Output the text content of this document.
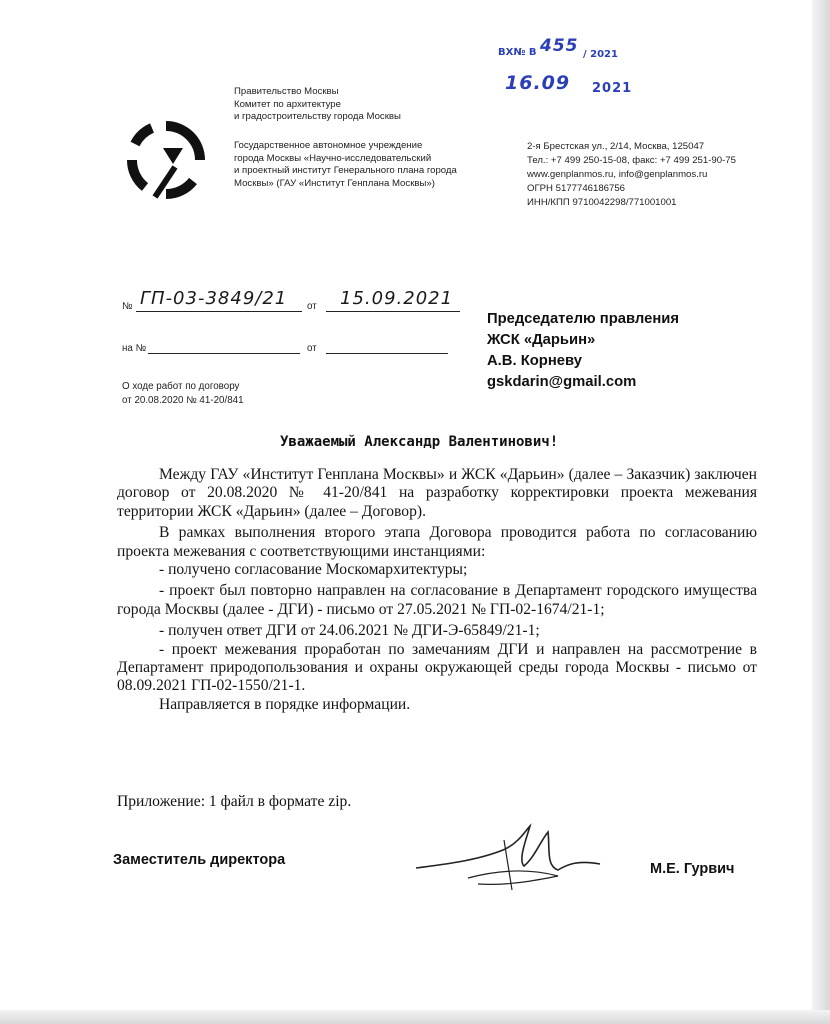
ВХ№ В 455 / 2021
16.09 2021
Правительство Москвы
Комитет по архитектуре
и градостроительству города Москвы
Государственное автономное учреждение
города Москвы «Научно-исследовательский
и проектный институт Генерального плана города
Москвы» (ГАУ «Институт Генплана Москвы»)
2-я Брестская ул., 2/14, Москва, 125047
Тел.: +7 499 250-15-08, факс: +7 499 251-90-75
www.genplanmos.ru, info@genplanmos.ru
ОГРН 5177746186756
ИНН/КПП 9710042298/771001001
№ ГП-03-3849/21 от 15.09.2021
на №	от
Председателю правления
ЖСК «Дарьин»
А.В. Корневу
gskdarin@gmail.com
О ходе работ по договору
от 20.08.2020 № 41-20/841
Уважаемый Александр Валентинович!

Между ГАУ «Институт Генплана Москвы» и ЖСК «Дарьин» (далее – Заказчик) заключен договор от 20.08.2020 № 41-20/841 на разработку корректировки проекта межевания территории ЖСК «Дарьин» (далее – Договор).

В рамках выполнения второго этапа Договора проводится работа по согласованию проекта межевания с соответствующими инстанциями:

- получено согласование Москомархитектуры;

- проект был повторно направлен на согласование в Департамент городского имущества города Москвы (далее - ДГИ) - письмо от 27.05.2021 № ГП-02-1674/21-1;

- получен ответ ДГИ от 24.06.2021 № ДГИ-Э-65849/21-1;

- проект межевания проработан по замечаниям ДГИ и направлен на рассмотрение в Департамент природопользования и охраны окружающей среды города Москвы - письмо от 08.09.2021 ГП-02-1550/21-1.

Направляется в порядке информации.

Приложение: 1 файл в формате zip.
Заместитель директора
М.Е. Гурвич
